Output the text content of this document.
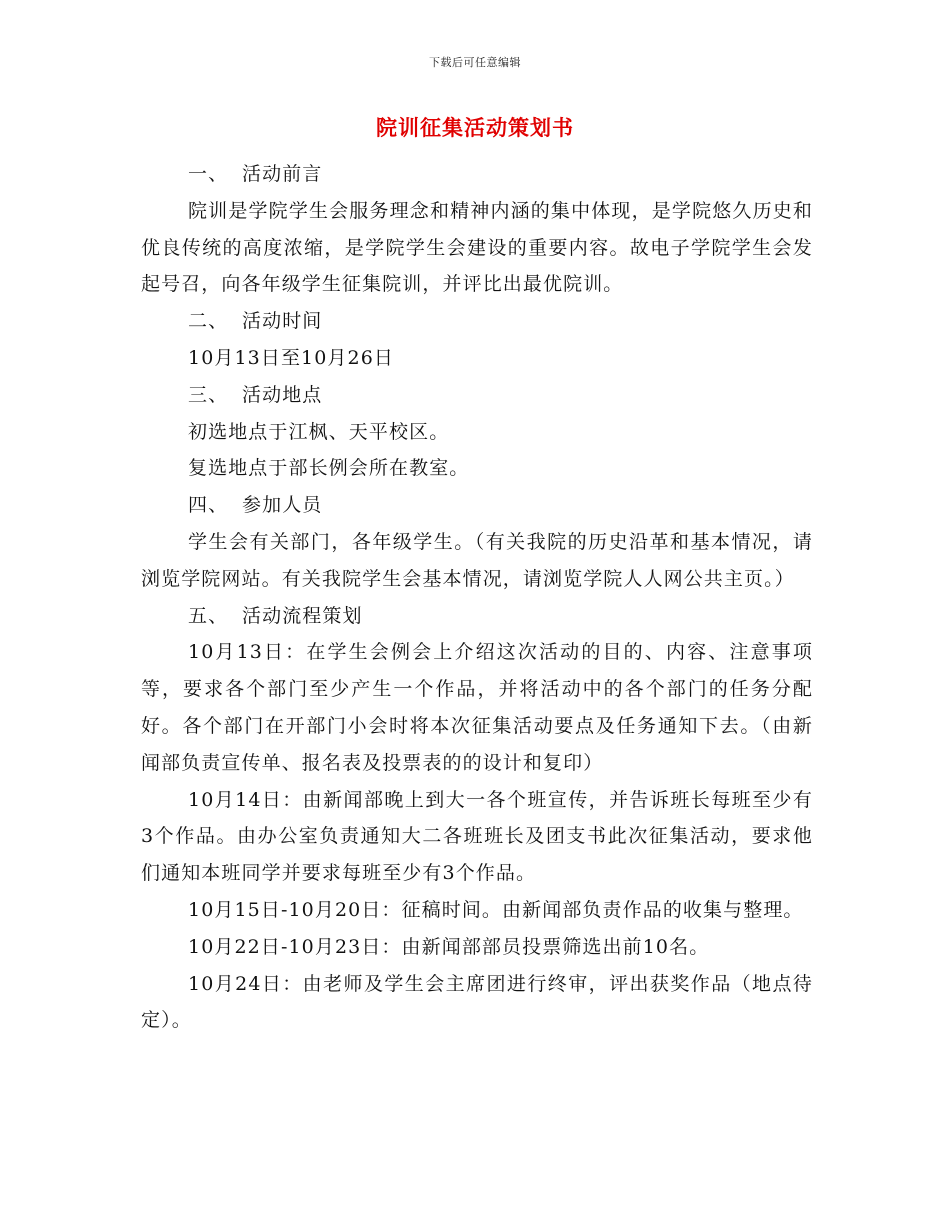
下载后可任意编辑
院训征集活动策划书

一、 活动前言

院训是学院学生会服务理念和精神内涵的集中体现，是学院悠久历史和优良传统的高度浓缩，是学院学生会建设的重要内容。故电子学院学生会发起号召，向各年级学生征集院训，并评比出最优院训。

二、 活动时间

10月13日至10月26日

三、 活动地点

初选地点于江枫、天平校区。

复选地点于部长例会所在教室。

四、 参加人员

学生会有关部门，各年级学生。（有关我院的历史沿革和基本情况，请浏览学院网站。有关我院学生会基本情况，请浏览学院人人网公共主页。）

五、 活动流程策划

10月13日：在学生会例会上介绍这次活动的目的、内容、注意事项等，要求各个部门至少产生一个作品，并将活动中的各个部门的任务分配好。各个部门在开部门小会时将本次征集活动要点及任务通知下去。（由新闻部负责宣传单、报名表及投票表的的设计和复印）

10月14日：由新闻部晚上到大一各个班宣传，并告诉班长每班至少有3个作品。由办公室负责通知大二各班班长及团支书此次征集活动，要求他们通知本班同学并要求每班至少有3个作品。

10月15日-10月20日：征稿时间。由新闻部负责作品的收集与整理。

10月22日-10月23日：由新闻部部员投票筛选出前10名。

10月24日：由老师及学生会主席团进行终审，评出获奖作品（地点待定）。
